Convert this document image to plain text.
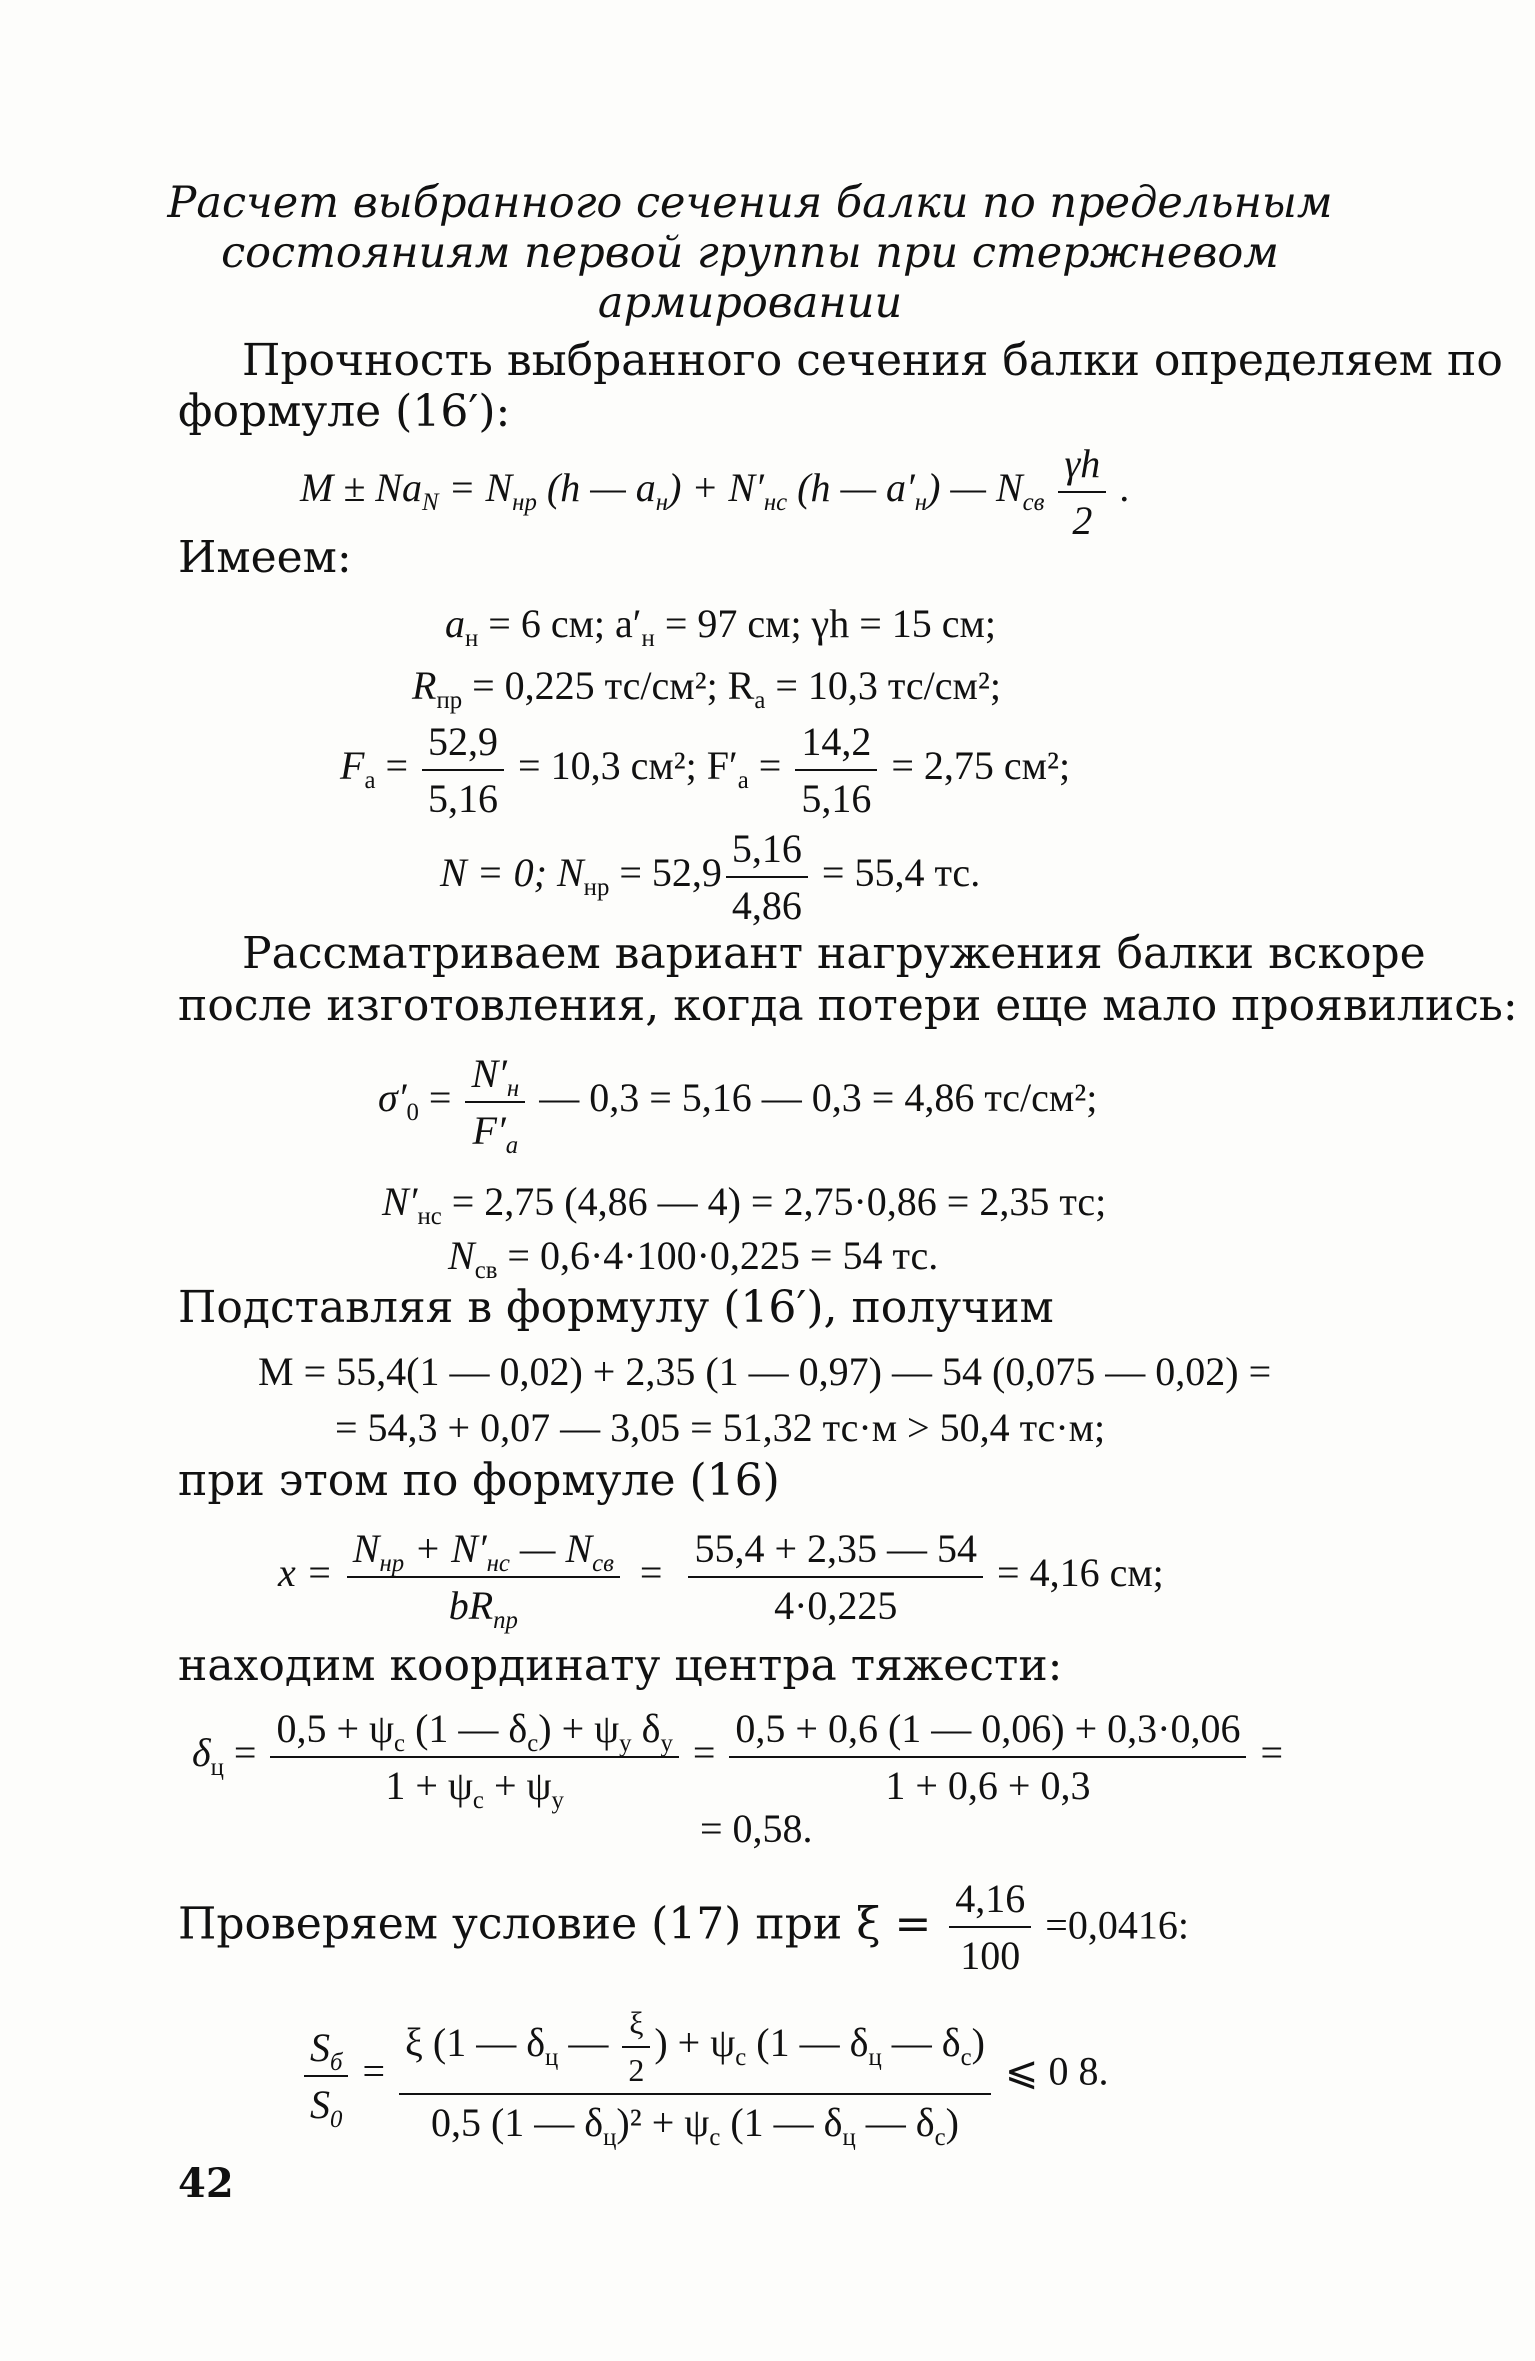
Расчет выбранного сечения балки по предельным
состояниям первой группы при стержневом
армировании
Прочность выбранного сечения балки определяем по
формуле (16′):
$M \pm Na_N = N_{нр}$ (h — $a_н) + N'_{нс}$ (h — $a'_н$) — $N_{св} \frac{\gamma h}{2}$ .
Имеем:
$a_н = 6$ см; $a'_н = 97$ см; γh = 15 см;
$R_{пр} = 0,225$ тс/см²; $R_a = 10,3$ тс/см²;
$F_a = \frac{52,9}{5,16} = 10,3$ см²; $F'_a = \frac{14,2}{5,16} = 2,75$ см²;
N = 0; $N_{нр} = 52,9 \frac{5,16}{4,86} = 55,4$ тс.
Рассматриваем вариант нагружения балки вскоре
после изготовления, когда потери еще мало проявились:
$\sigma'_0 = \frac{N'_н}{F'_a}$ — 0,3 = 5,16 — 0,3 = 4,86 тс/см²;
$N'_{нс} = 2,75$ (4,86 — 4) = 2,75·0,86 = 2,35 тс;
$N_{св} = 0,6\cdot 4\cdot 100\cdot 0,225 = 54$ тс.
Подставляя в формулу (16′), получим
M = 55,4(1 — 0,02) + 2,35 (1 — 0,97) — 54 (0,075 — 0,02) =
= 54,3 + 0,07 — 3,05 = 51,32 тс·м > 50,4 тс·м;
при этом по формуле (16)
$x = \frac{N_{нр} + N'_{нс} — N_{св}}{bR_{пр}} = \frac{55,4 + 2,35 — 54}{4\cdot 0,225} = 4,16$ см;
находим координату центра тяжести:
$\delta_ц = \frac{0,5 + \psi_c (1 — \delta_c) + \psi_y \delta_y}{1 + \psi_c + \psi_y} = \frac{0,5 + 0,6 (1 — 0,06) + 0,3\cdot 0,06}{1 + 0,6 + 0,3}$ =
= 0,58.
Проверяем условие (17) при $\xi = \frac{4,16}{100} =0,0416$:
$\frac{S_б}{S_0} = \frac{\xi (1 — \delta_ц — \frac{\xi}{2} ) + \psi_c (1 — \delta_ц — \delta_c)}{0,5 (1 — \delta_ц)^2 + \psi_c (1 — \delta_ц — \delta_c)}$ ⩽ 0 8.
42
